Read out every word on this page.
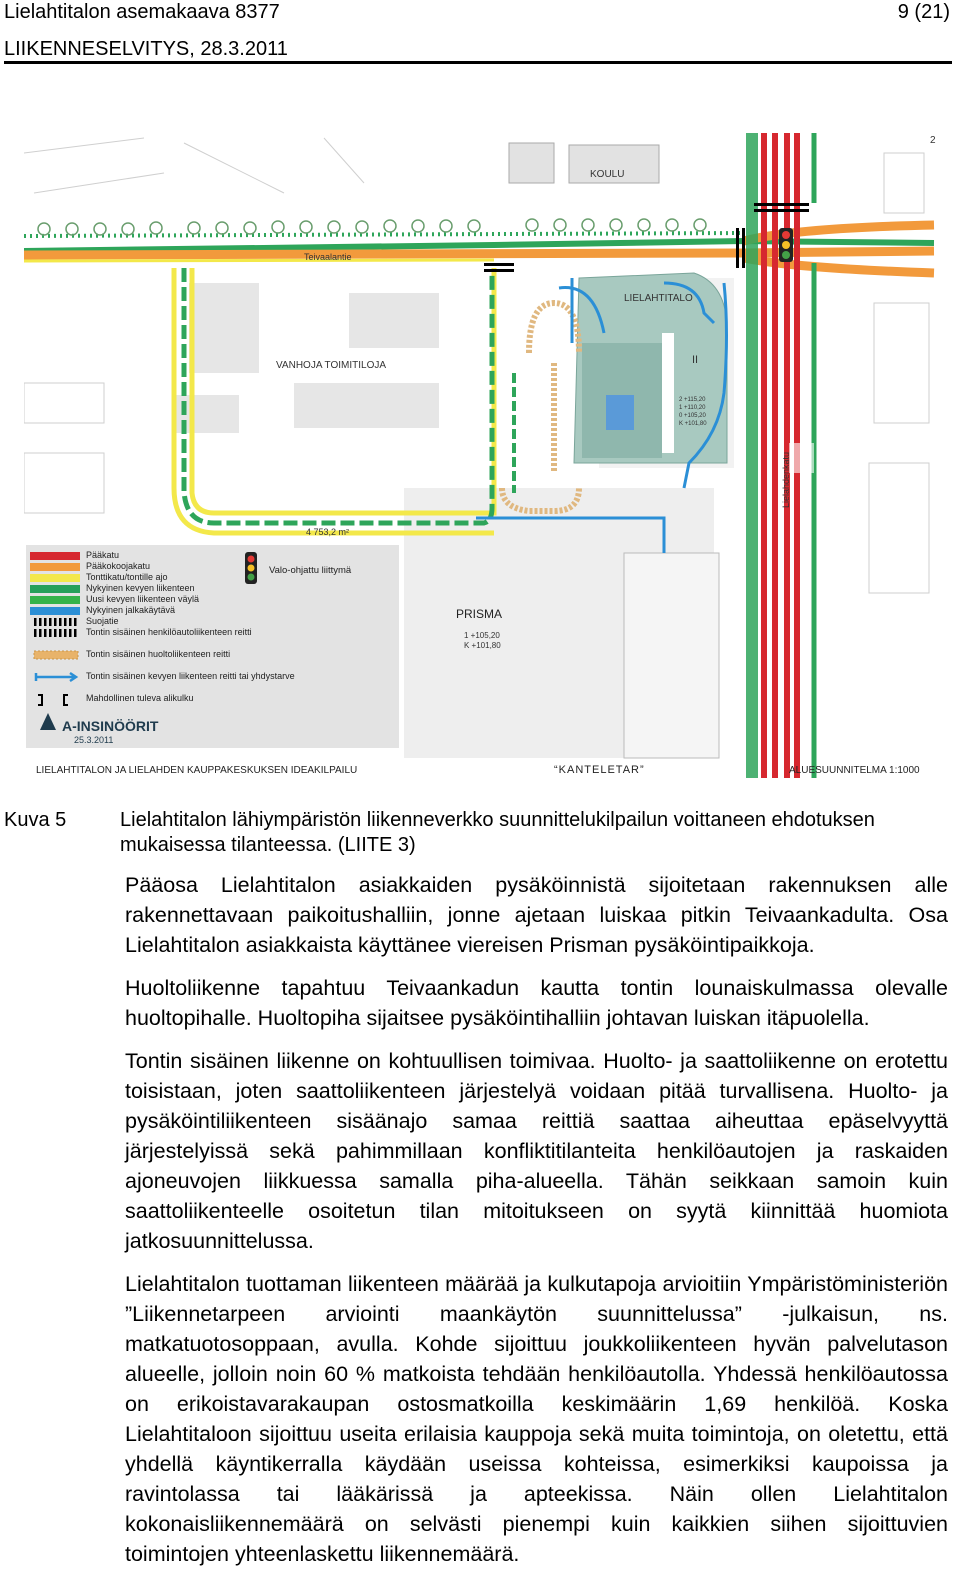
Lielahtitalon asemakaava 8377	9 (21)
LIIKENNESELVITYS, 28.3.2011
KOULU
Teivaalantie
LIELAHTITALO
VANHOJA TOIMITILOJA	II
2
4 753,2 m²
PRISMA
1 +105,20
K +101,80
2 +115,20
1 +110,20
0 +105,20
K +101,80
Lielahdenkatu
Pääkatu
Pääkokoojakatu
Tonttikatu/tontille ajo
Nykyinen kevyen liikenteen
Uusi kevyen liikenteen väylä
Nykyinen jalkakäytävä
Suojatie
Tontin sisäinen henkilöautoliikenteen reitti
Tontin sisäinen huoltoliikenteen reitti
Tontin sisäinen kevyen liikenteen reitti tai yhdystarve
Mahdollinen tuleva alikulku
Valo-ohjattu liittymä
A-INSINÖÖRIT
25.3.2011
LIELAHTITALON JA LIELAHDEN KAUPPAKESKUKSEN IDEAKILPAILU	“KANTELETAR”	ALUESUUNNITELMA 1:1000
Kuva 5	Lielahtitalon lähiympäristön liikenneverkko suunnittelukilpailun voittaneen ehdotuksen mukaisessa tilanteessa. (LIITE 3)

Pääosa Lielahtitalon asiakkaiden pysäköinnistä sijoitetaan rakennuksen alle rakennettavaan paikoitushalliin, jonne ajetaan luiskaa pitkin Teivaankadulta. Osa Lielahtitalon asiakkaista käyttänee viereisen Prisman pysäköintipaikkoja.

Huoltoliikenne tapahtuu Teivaankadun kautta tontin lounaiskulmassa olevalle huoltopihalle. Huoltopiha sijaitsee pysäköintihalliin johtavan luiskan itäpuolella.

Tontin sisäinen liikenne on kohtuullisen toimivaa. Huolto- ja saattoliikenne on erotettu toisistaan, joten saattoliikenteen järjestelyä voidaan pitää turvallisena. Huolto- ja pysäköintiliikenteen sisäänajo samaa reittiä saattaa aiheuttaa epäselvyyttä järjestelyissä sekä pahimmillaan konfliktitilanteita henkilöautojen ja raskaiden ajoneuvojen liikkuessa samalla piha-alueella. Tähän seikkaan samoin kuin saattoliikenteelle osoitetun tilan mitoitukseen on syytä kiinnittää huomiota jatkosuunnittelussa.

Lielahtitalon tuottaman liikenteen määrää ja kulkutapoja arvioitiin Ympäristöministeriön ”Liikennetarpeen arviointi maankäytön suunnittelussa” -julkaisun, ns. matkatuotosoppaan, avulla. Kohde sijoittuu joukkoliikenteen hyvän palvelutason alueelle, jolloin noin 60 % matkoista tehdään henkilöautolla. Yhdessä henkilöautossa on erikoistavarakaupan ostosmatkoilla keskimäärin 1,69 henkilöä. Koska Lielahtitaloon sijoittuu useita erilaisia kauppoja sekä muita toimintoja, on oletettu, että yhdellä käyntikerralla käydään useissa kohteissa, esimerkiksi kaupoissa ja ravintolassa tai lääkärissä ja apteekissa. Näin ollen Lielahtitalon kokonaisliikennemäärä on selvästi pienempi kuin kaikkien siihen sijoittuvien toimintojen yhteenlaskettu liikennemäärä.
